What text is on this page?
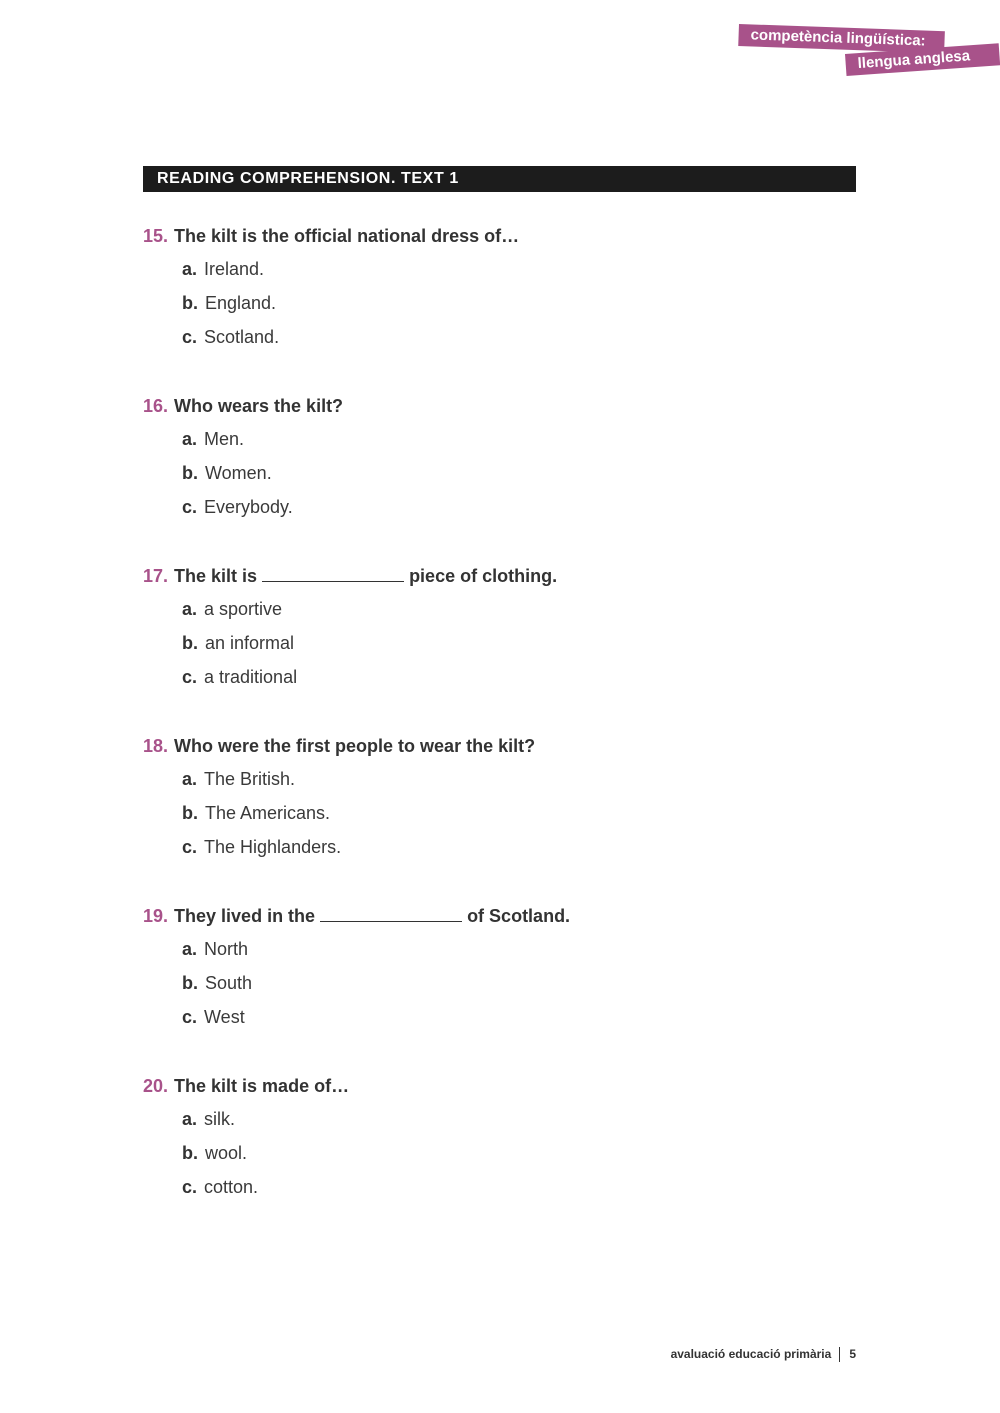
competència lingüística:
llengua anglesa
READING COMPREHENSION. TEXT 1
15. The kilt is the official national dress of…
a. Ireland.
b. England.
c. Scotland.
16. Who wears the kilt?
a. Men.
b. Women.
c. Everybody.
17. The kilt is	piece of clothing.
a. a sportive
b. an informal
c. a traditional
18. Who were the first people to wear the kilt?
a. The British.
b. The Americans.
c. The Highlanders.
19. They lived in the	of Scotland.
a. North
b. South
c. West
20. The kilt is made of…
a. silk.
b. wool.
c. cotton.
avaluació educació primària 5
